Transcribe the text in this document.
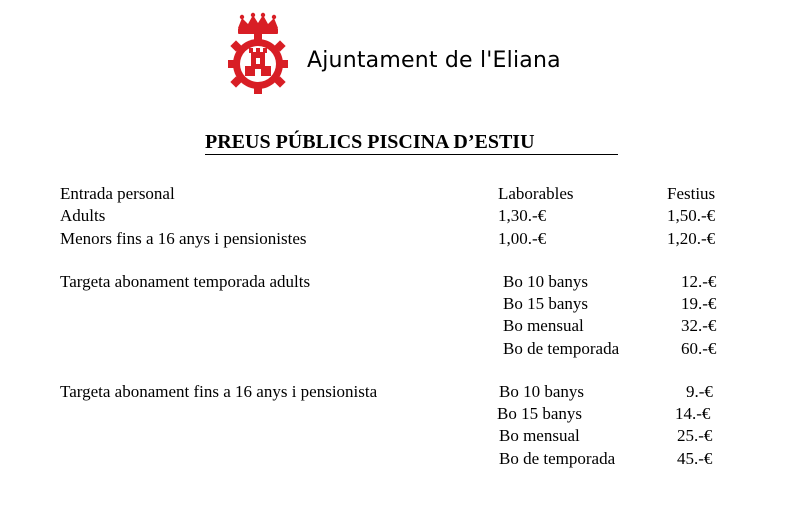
Ajuntament de l'Eliana
PREUS PÚBLICS PISCINA D’ESTIU
Entrada personal	Laborables	Festius
Adults	1,30.-€	1,50.-€
Menors fins a 16 anys i pensionistes	1,00.-€	1,20.-€
Targeta abonament temporada adults	Bo 10 banys	12.-€
Bo 15 banys	19.-€
Bo mensual	32.-€
Bo de temporada	60.-€
Targeta abonament fins a 16 anys i pensionista	Bo 10 banys	9.-€
Bo 15 banys	14.-€
Bo mensual	25.-€
Bo de temporada	45.-€
